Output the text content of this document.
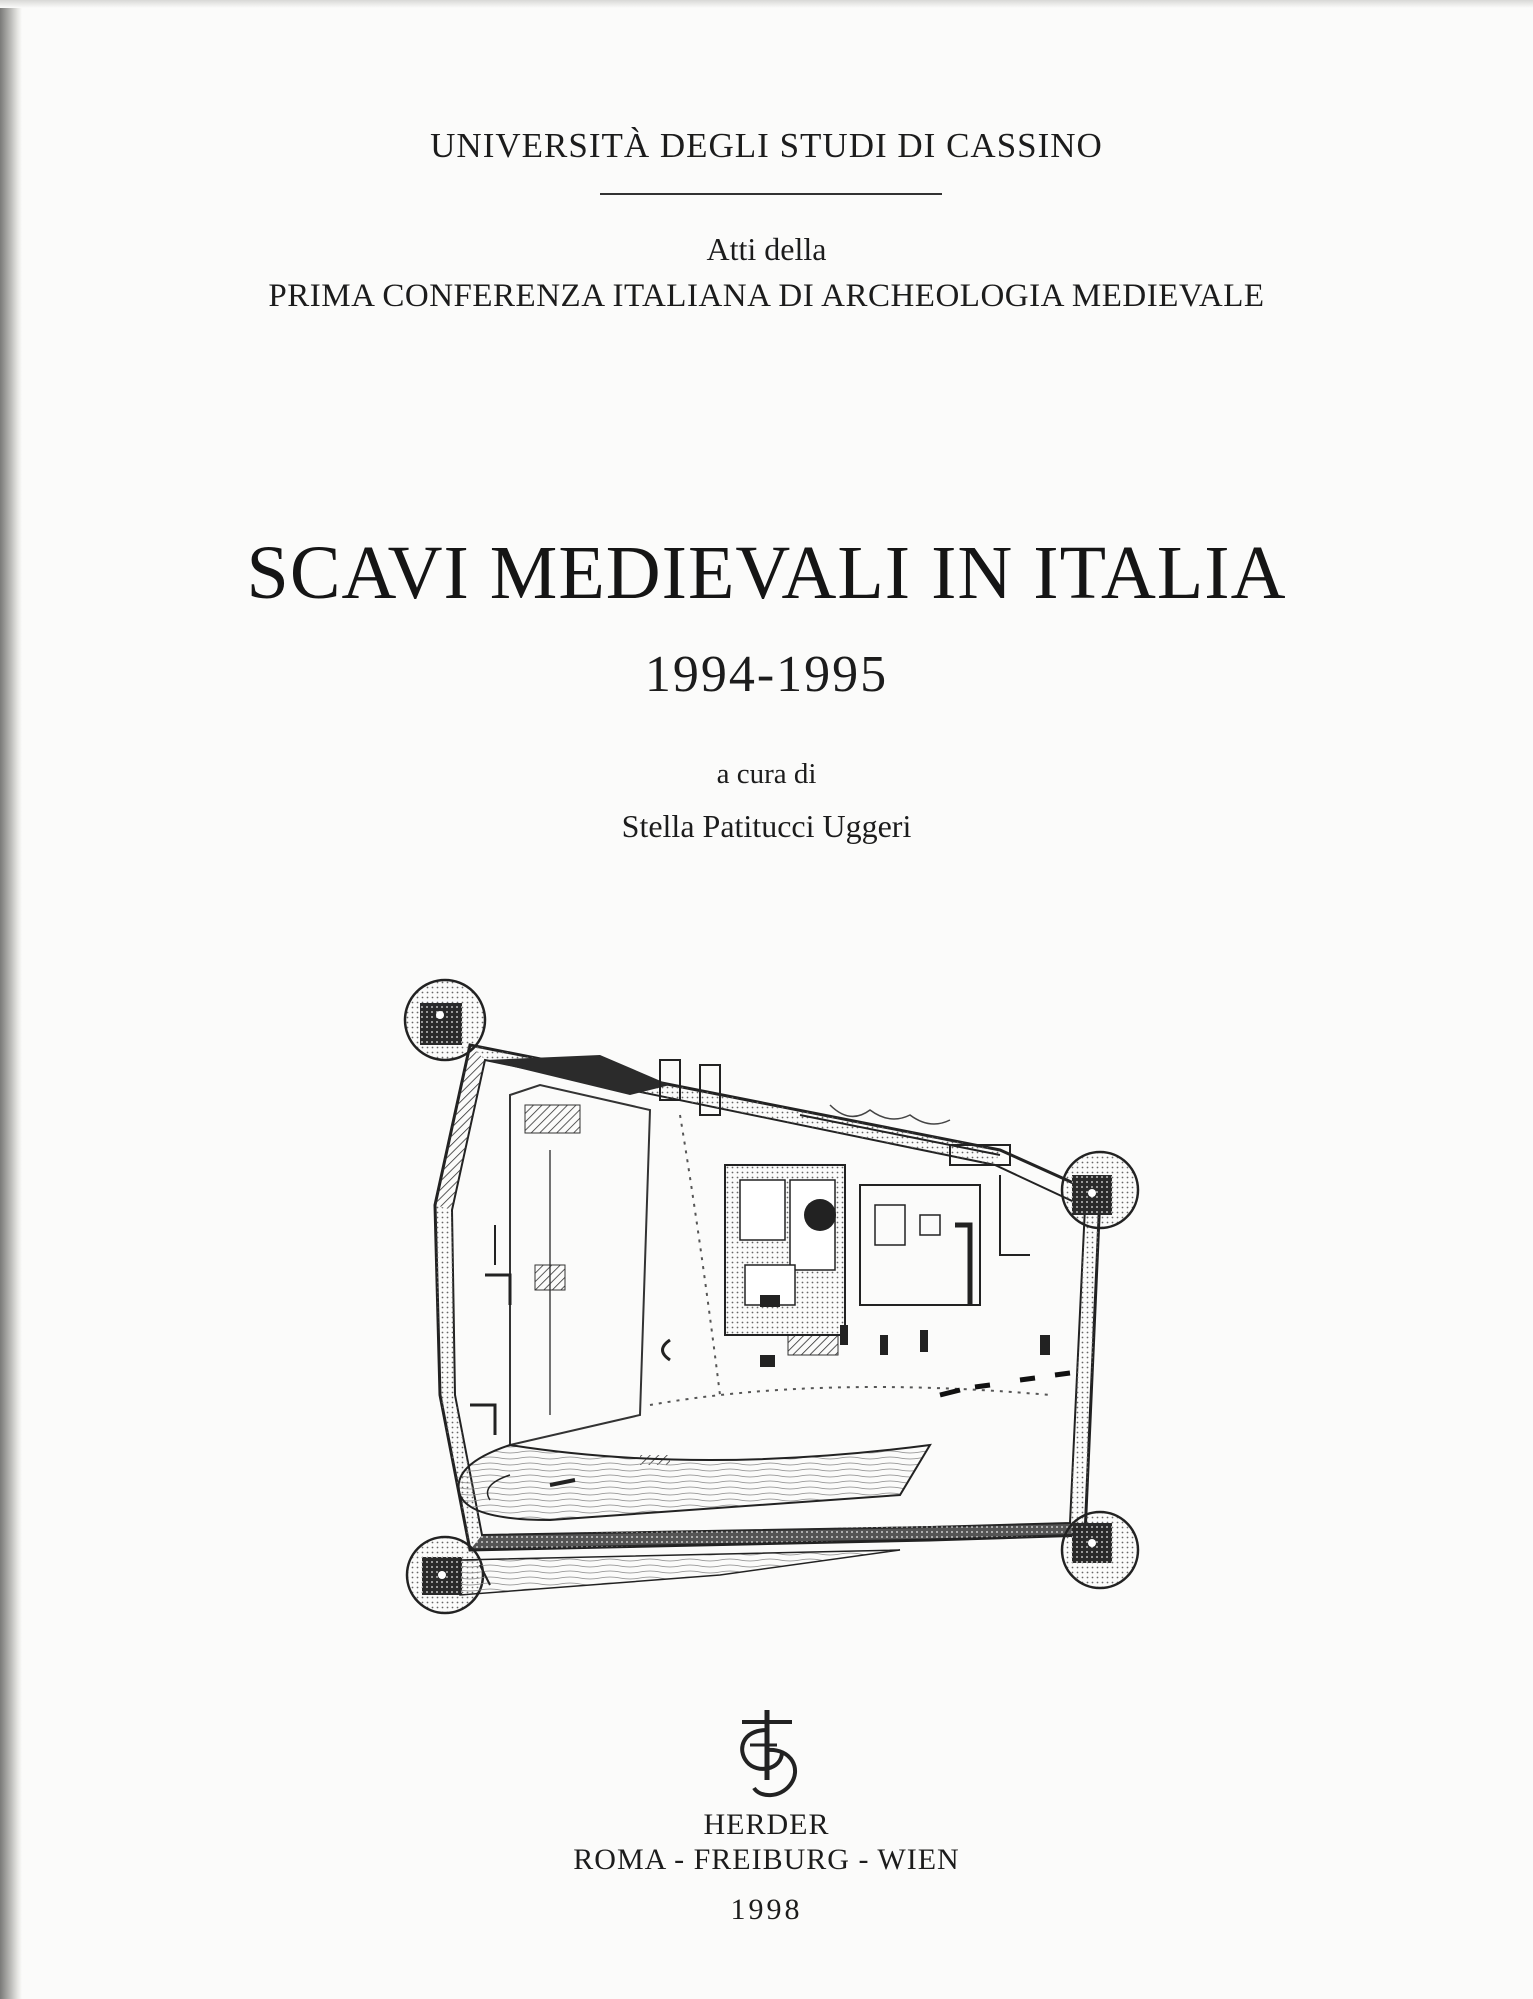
UNIVERSITÀ DEGLI STUDI DI CASSINO
Atti della
PRIMA CONFERENZA ITALIANA DI ARCHEOLOGIA MEDIEVALE
SCAVI MEDIEVALI IN ITALIA
1994-1995
a cura di
Stella Patitucci Uggeri
HERDER
ROMA - FREIBURG - WIEN
1998
